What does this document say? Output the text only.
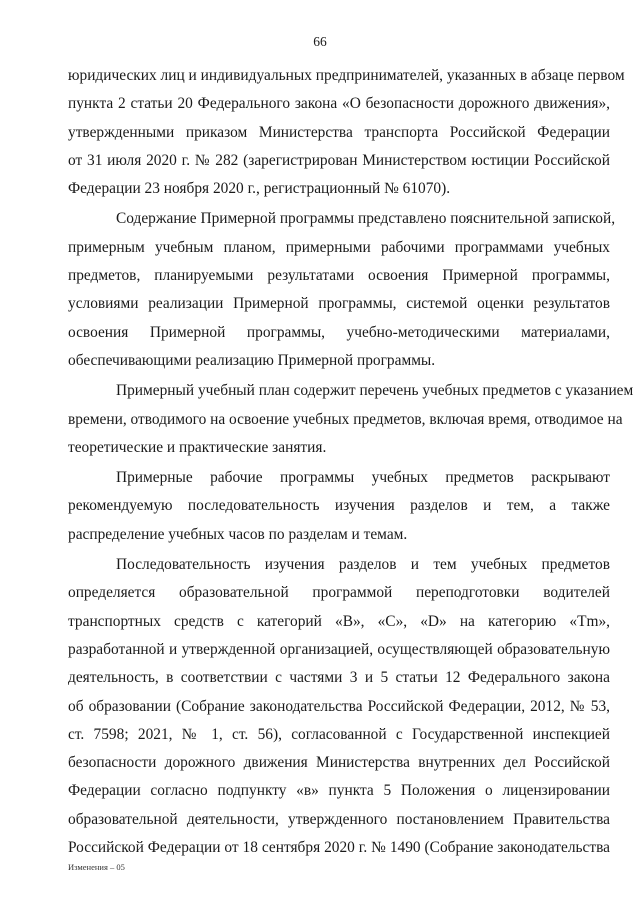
66
юридических лиц и индивидуальных предпринимателей, указанных в абзаце первом
пункта 2 статьи 20 Федерального закона «О безопасности дорожного движения»,
утвержденными приказом Министерства транспорта Российской Федерации
от 31 июля 2020 г. № 282 (зарегистрирован Министерством юстиции Российской
Федерации 23 ноября 2020 г., регистрационный № 61070).
Содержание Примерной программы представлено пояснительной запиской,
примерным учебным планом, примерными рабочими программами учебных
предметов, планируемыми результатами освоения Примерной программы,
условиями реализации Примерной программы, системой оценки результатов
освоения Примерной программы, учебно-методическими материалами,
обеспечивающими реализацию Примерной программы.
Примерный учебный план содержит перечень учебных предметов с указанием
времени, отводимого на освоение учебных предметов, включая время, отводимое на
теоретические и практические занятия.
Примерные рабочие программы учебных предметов раскрывают
рекомендуемую последовательность изучения разделов и тем, а также
распределение учебных часов по разделам и темам.
Последовательность изучения разделов и тем учебных предметов
определяется образовательной программой переподготовки водителей
транспортных средств с категорий «B», «C», «D» на категорию «Tm»,
разработанной и утвержденной организацией, осуществляющей образовательную
деятельность, в соответствии с частями 3 и 5 статьи 12 Федерального закона
об образовании (Собрание законодательства Российской Федерации, 2012, № 53,
ст. 7598; 2021, № 1, ст. 56), согласованной с Государственной инспекцией
безопасности дорожного движения Министерства внутренних дел Российской
Федерации согласно подпункту «в» пункта 5 Положения о лицензировании
образовательной деятельности, утвержденного постановлением Правительства
Российской Федерации от 18 сентября 2020 г. № 1490 (Собрание законодательства
Изменения – 05
